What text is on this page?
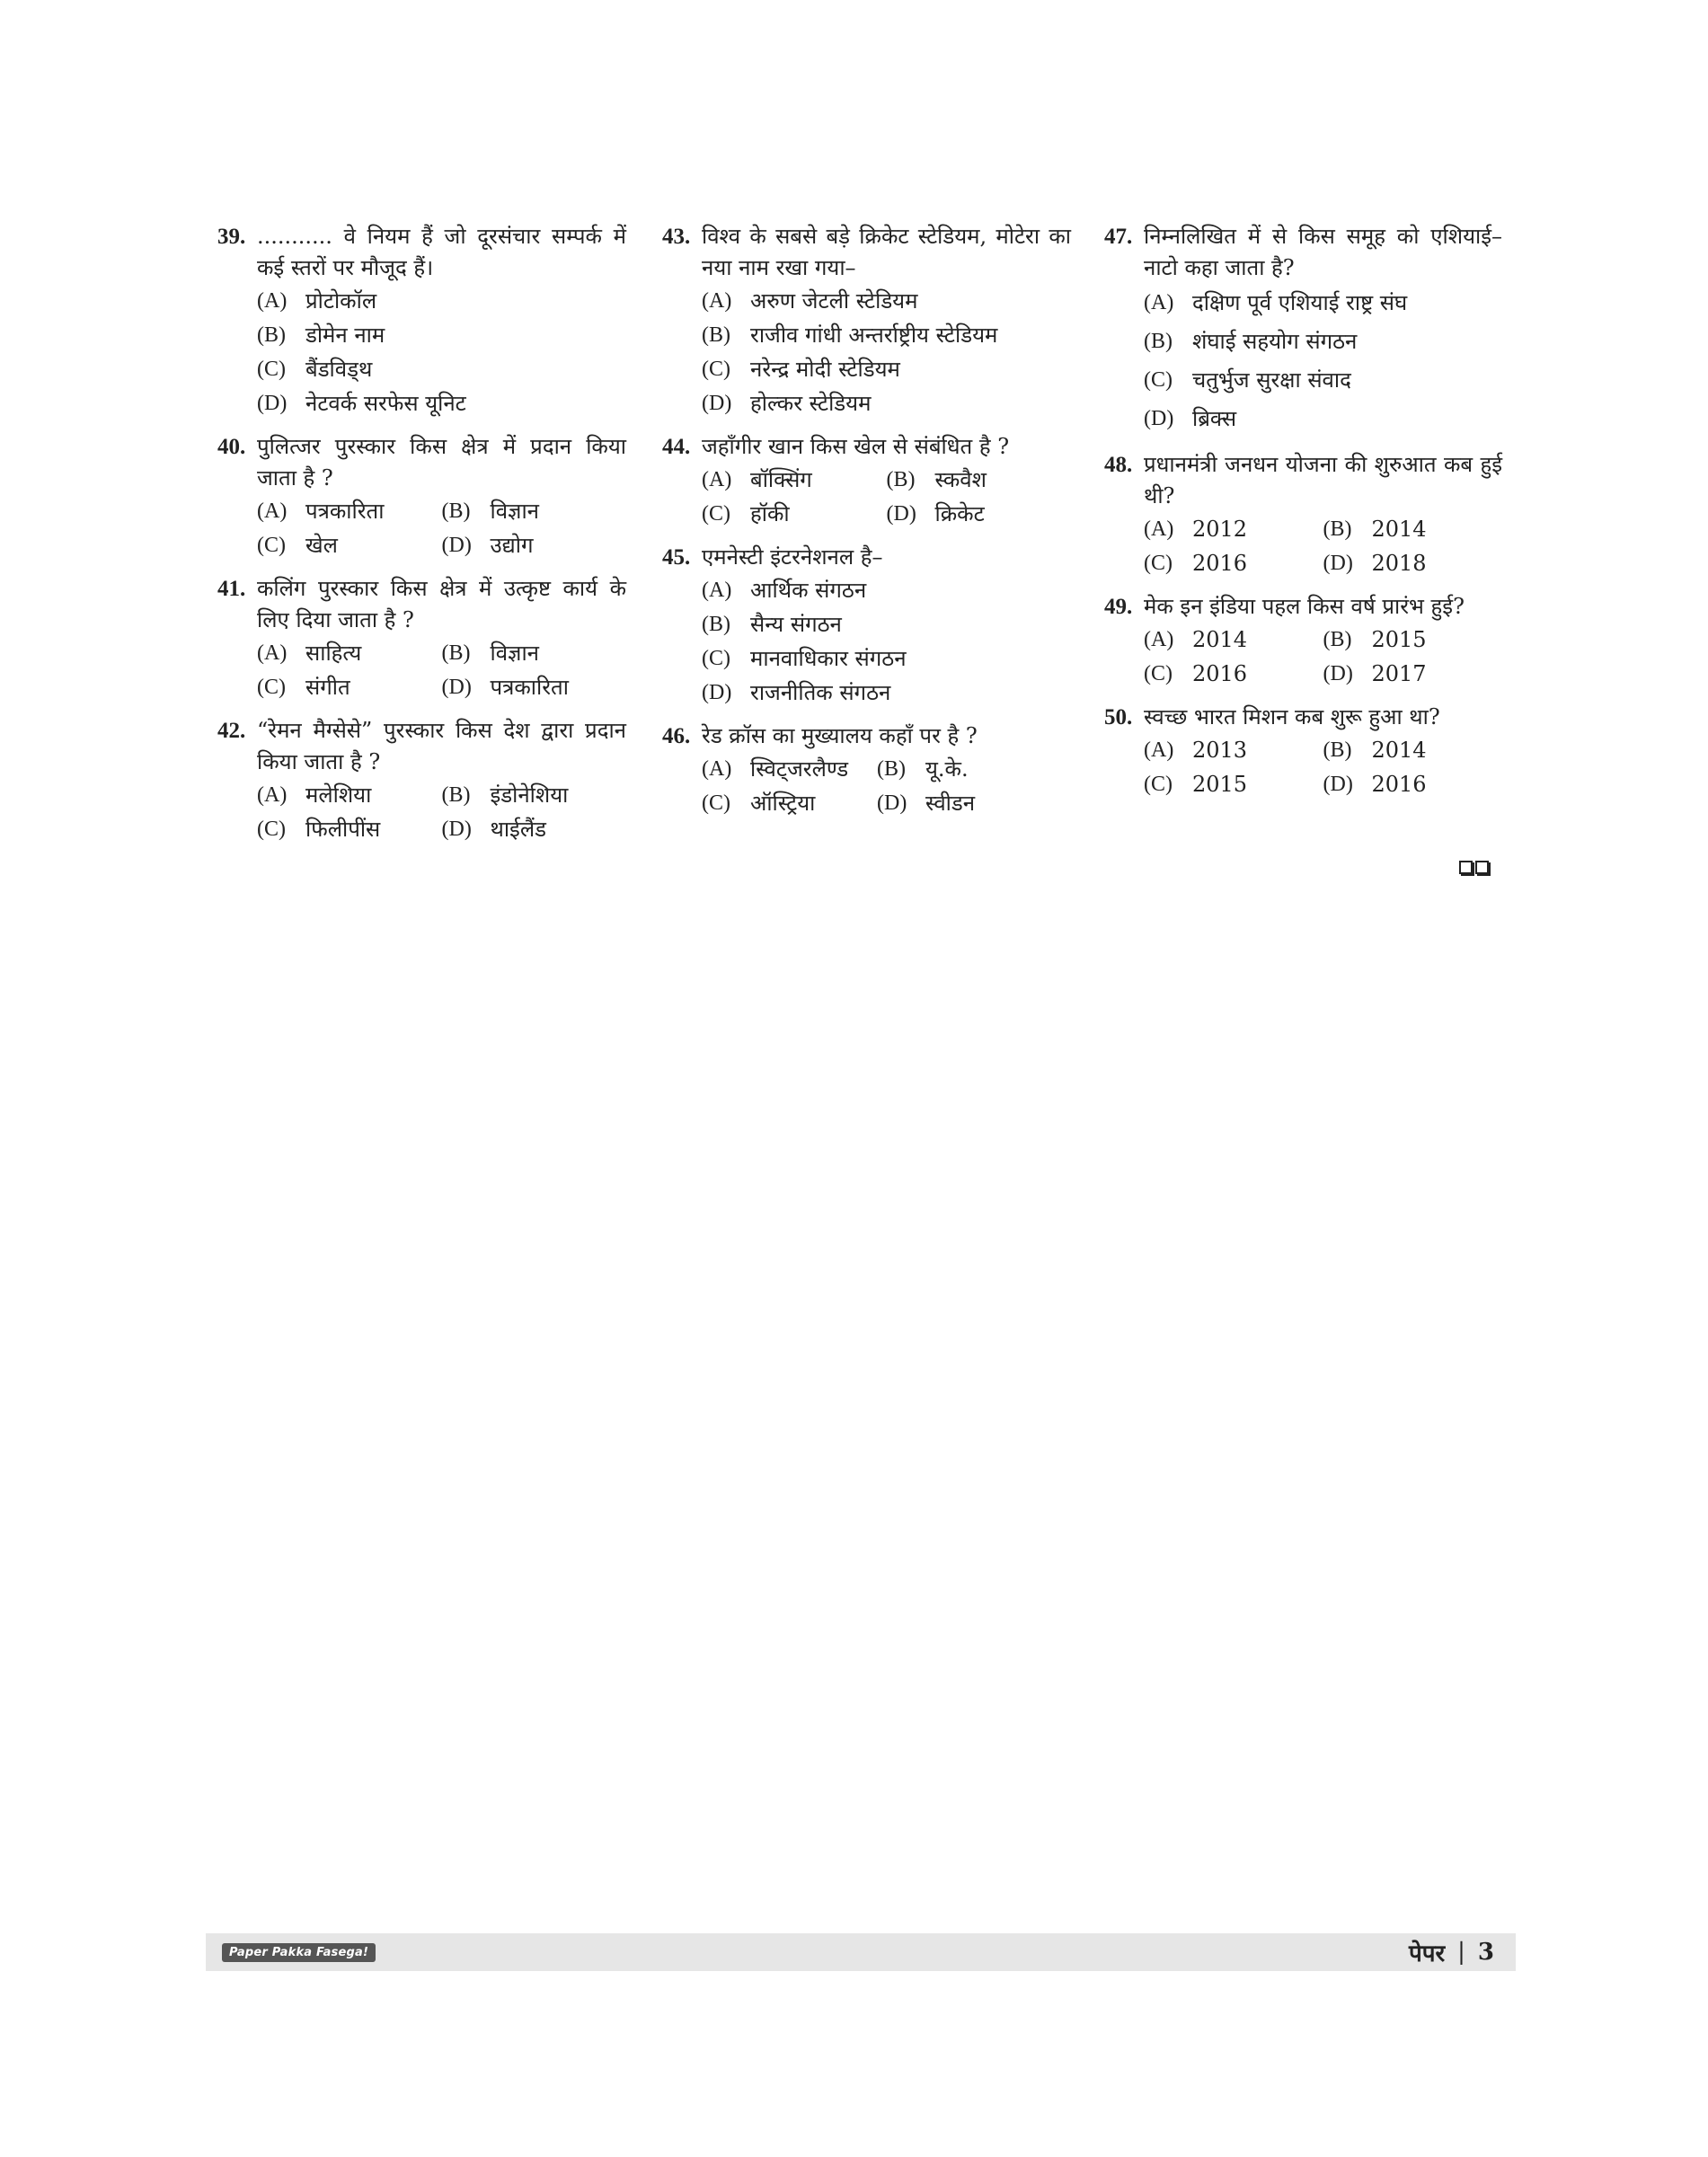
39. ........... वे नियम हैं जो दूरसंचार सम्पर्क में कई स्तरों पर मौजूद हैं।
(A) प्रोटोकॉल
(B) डोमेन नाम
(C) बैंडविड्थ
(D) नेटवर्क सरफेस यूनिट
40. पुलित्जर पुरस्कार किस क्षेत्र में प्रदान किया जाता है ?
(A) पत्रकारिता	(B) विज्ञान
(C) खेल	(D) उद्योग
41. कलिंग पुरस्कार किस क्षेत्र में उत्कृष्ट कार्य के लिए दिया जाता है ?
(A) साहित्य	(B) विज्ञान
(C) संगीत	(D) पत्रकारिता
42. “रेमन मैग्सेसे” पुरस्कार किस देश द्वारा प्रदान किया जाता है ?
(A) मलेशिया	(B) इंडोनेशिया
(C) फिलीपींस	(D) थाईलैंड
43. विश्व के सबसे बड़े क्रिकेट स्टेडियम, मोटेरा का नया नाम रखा गया–
(A) अरुण जेटली स्टेडियम
(B) राजीव गांधी अन्तर्राष्ट्रीय स्टेडियम
(C) नरेन्द्र मोदी स्टेडियम
(D) होल्कर स्टेडियम
44. जहाँगीर खान किस खेल से संबंधित है ?
(A) बॉक्सिंग	(B) स्कवैश
(C) हॉकी	(D) क्रिकेट
45. एमनेस्टी इंटरनेशनल है–
(A) आर्थिक संगठन
(B) सैन्य संगठन
(C) मानवाधिकार संगठन
(D) राजनीतिक संगठन
46. रेड क्रॉस का मुख्यालय कहाँ पर है ?
(A) स्विट्जरलैण्ड (B) यू.के.
(C) ऑस्ट्रिया	(D) स्वीडन
47. निम्नलिखित में से किस समूह को एशियाई–नाटो कहा जाता है?
(A) दक्षिण पूर्व एशियाई राष्ट्र संघ
(B) शंघाई सहयोग संगठन
(C) चतुर्भुज सुरक्षा संवाद
(D) ब्रिक्स
48. प्रधानमंत्री जनधन योजना की शुरुआत कब हुई थी?
(A) 2012	(B) 2014
(C) 2016	(D) 2018
49. मेक इन इंडिया पहल किस वर्ष प्रारंभ हुई?
(A) 2014	(B) 2015
(C) 2016	(D) 2017
50. स्वच्छ भारत मिशन कब शुरू हुआ था?
(A) 2013	(B) 2014
(C) 2015	(D) 2016
Paper Pakka Fasega!	पेपर | 3
